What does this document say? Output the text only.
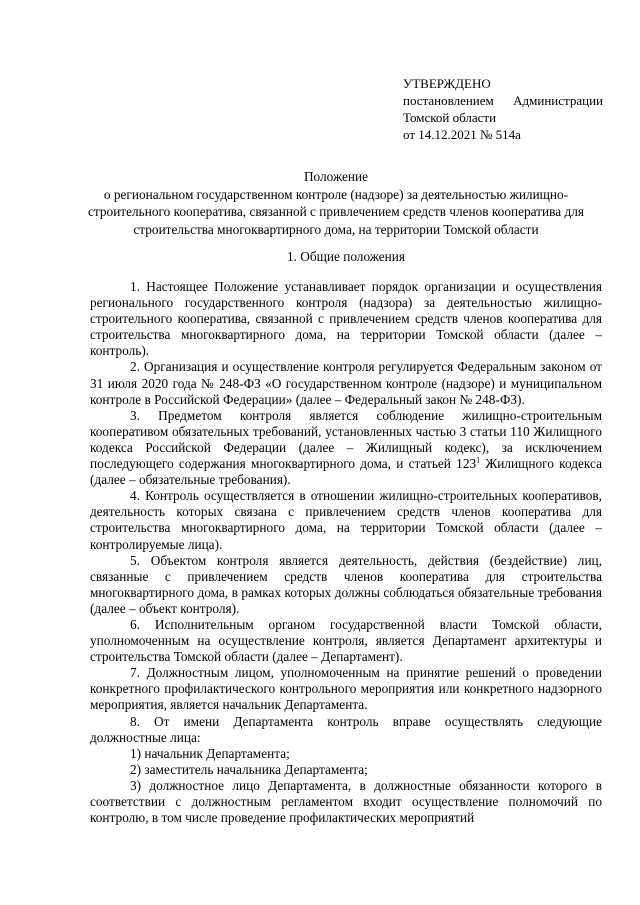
УТВЕРЖДЕНО
постановлением Администрации
Томской области
от 14.12.2021 № 514а
Положение
о региональном государственном контроле (надзоре) за деятельностью жилищно-строительного кооператива, связанной с привлечением средств членов кооператива для строительства многоквартирного дома, на территории Томской области
1. Общие положения

1. Настоящее Положение устанавливает порядок организации и осуществления регионального государственного контроля (надзора) за деятельностью жилищно-строительного кооператива, связанной с привлечением средств членов кооператива для строительства многоквартирного дома, на территории Томской области (далее – контроль).

2. Организация и осуществление контроля регулируется Федеральным законом от 31 июля 2020 года № 248-ФЗ «О государственном контроле (надзоре) и муниципальном контроле в Российской Федерации» (далее – Федеральный закон № 248-ФЗ).

3. Предметом контроля является соблюдение жилищно-строительным кооперативом обязательных требований, установленных частью 3 статьи 110 Жилищного кодекса Российской Федерации (далее – Жилищный кодекс), за исключением последующего содержания многоквартирного дома, и статьей $123^1$ Жилищного кодекса (далее – обязательные требования).

4. Контроль осуществляется в отношении жилищно-строительных кооперативов, деятельность которых связана с привлечением средств членов кооператива для строительства многоквартирного дома, на территории Томской области (далее – контролируемые лица).

5. Объектом контроля является деятельность, действия (бездействие) лиц, связанные с привлечением средств членов кооператива для строительства многоквартирного дома, в рамках которых должны соблюдаться обязательные требования (далее – объект контроля).

6. Исполнительным органом государственной власти Томской области, уполномоченным на осуществление контроля, является Департамент архитектуры и строительства Томской области (далее – Департамент).

7. Должностным лицом, уполномоченным на принятие решений о проведении конкретного профилактического контрольного мероприятия или конкретного надзорного мероприятия, является начальник Департамента.

8. От имени Департамента контроль вправе осуществлять следующие должностные лица:

1) начальник Департамента;

2) заместитель начальника Департамента;

3) должностное лицо Департамента, в должностные обязанности которого в соответствии с должностным регламентом входит осуществление полномочий по контролю, в том числе проведение профилактических мероприятий
